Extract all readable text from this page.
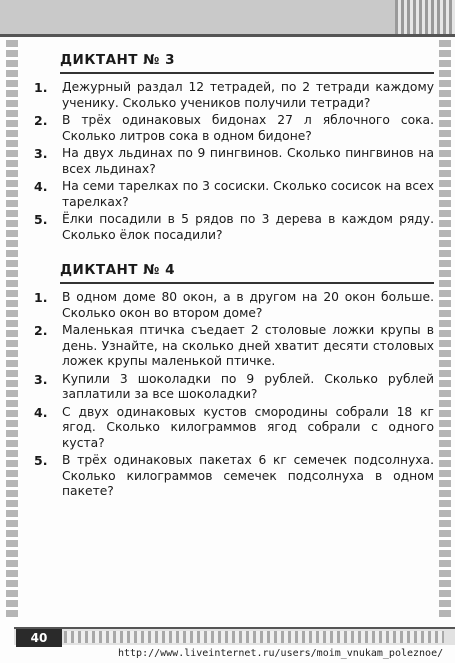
ДИКТАНТ № 3
1. Дежурный раздал 12 тетрадей, по 2 тетради каждому ученику. Сколько учеников получили тетради?
2. В трёх одинаковых бидонах 27 л яблочного сока. Сколько литров сока в одном бидоне?
3. На двух льдинах по 9 пингвинов. Сколько пингвинов на всех льдинах?
4. На семи тарелках по 3 сосиски. Сколько сосисок на всех тарелках?
5. Ёлки посадили в 5 рядов по 3 дерева в каждом ряду. Сколько ёлок посадили?
ДИКТАНТ № 4
1. В одном доме 80 окон, а в другом на 20 окон больше. Сколько окон во втором доме?
2. Маленькая птичка съедает 2 столовые ложки крупы в день. Узнайте, на сколько дней хватит десяти столовых ложек крупы маленькой птичке.
3. Купили 3 шоколадки по 9 рублей. Сколько рублей заплатили за все шоколадки?
4. С двух одинаковых кустов смородины собрали 18 кг ягод. Сколько килограммов ягод собрали с одного куста?
5. В трёх одинаковых пакетах 6 кг семечек подсолнуха. Сколько килограммов семечек подсолнуха в одном пакете?
40
http://www.liveinternet.ru/users/moim_vnukam_poleznoe/
